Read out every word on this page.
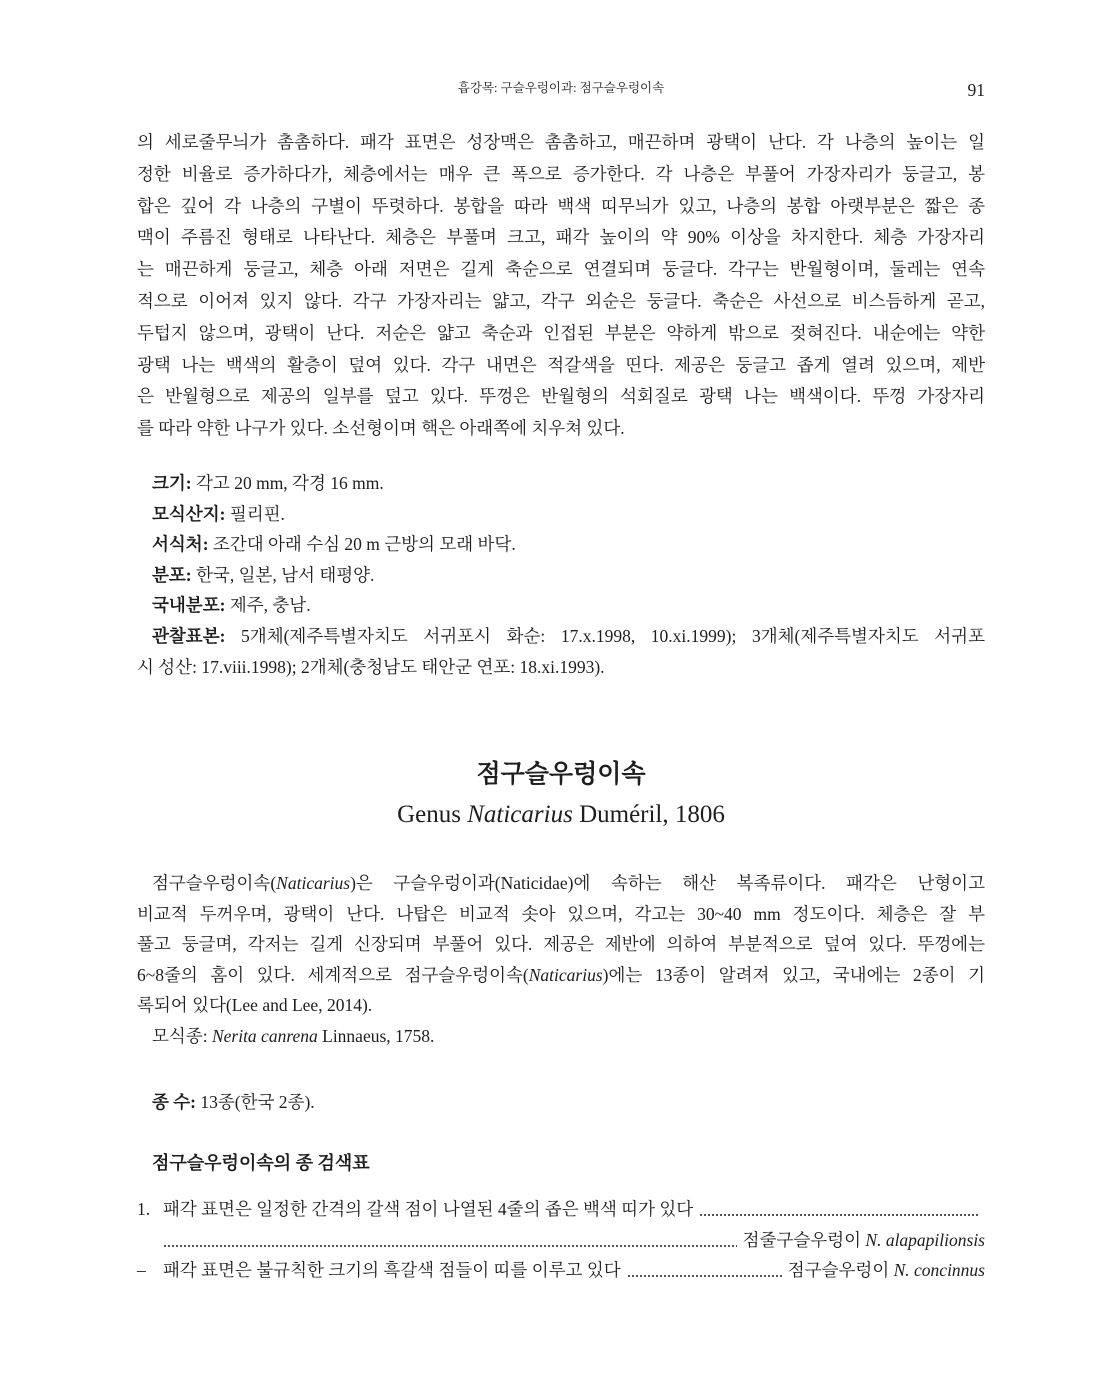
흡강목: 구슬우렁이과: 점구슬우렁이속	91
의 세로줄무늬가 촘촘하다. 패각 표면은 성장맥은 촘촘하고, 매끈하며 광택이 난다. 각 나층의 높이는 일
정한 비율로 증가하다가, 체층에서는 매우 큰 폭으로 증가한다. 각 나층은 부풀어 가장자리가 둥글고, 봉
합은 깊어 각 나층의 구별이 뚜렷하다. 봉합을 따라 백색 띠무늬가 있고, 나층의 봉합 아랫부분은 짧은 종
맥이 주름진 형태로 나타난다. 체층은 부풀며 크고, 패각 높이의 약 90% 이상을 차지한다. 체층 가장자리
는 매끈하게 둥글고, 체층 아래 저면은 길게 축순으로 연결되며 둥글다. 각구는 반월형이며, 둘레는 연속
적으로 이어져 있지 않다. 각구 가장자리는 얇고, 각구 외순은 둥글다. 축순은 사선으로 비스듬하게 곧고,
두텁지 않으며, 광택이 난다. 저순은 얇고 축순과 인접된 부분은 약하게 밖으로 젖혀진다. 내순에는 약한
광택 나는 백색의 활층이 덮여 있다. 각구 내면은 적갈색을 띤다. 제공은 둥글고 좁게 열려 있으며, 제반
은 반월형으로 제공의 일부를 덮고 있다. 뚜껑은 반월형의 석회질로 광택 나는 백색이다. 뚜껑 가장자리
를 따라 약한 나구가 있다. 소선형이며 핵은 아래쪽에 치우쳐 있다.
크기: 각고 20 mm, 각경 16 mm.
모식산지: 필리핀.
서식처: 조간대 아래 수심 20 m 근방의 모래 바닥.
분포: 한국, 일본, 남서 태평양.
국내분포: 제주, 충남.
관찰표본: 5개체(제주특별자치도 서귀포시 화순: 17.x.1998, 10.xi.1999); 3개체(제주특별자치도 서귀포
시 성산: 17.viii.1998); 2개체(충청남도 태안군 연포: 18.xi.1993).
점구슬우렁이속
Genus Naticarius Duméril, 1806
점구슬우렁이속(Naticarius)은 구슬우렁이과(Naticidae)에 속하는 해산 복족류이다. 패각은 난형이고
비교적 두꺼우며, 광택이 난다. 나탑은 비교적 솟아 있으며, 각고는 30~40 mm 정도이다. 체층은 잘 부
풀고 둥글며, 각저는 길게 신장되며 부풀어 있다. 제공은 제반에 의하여 부분적으로 덮여 있다. 뚜껑에는
6~8줄의 홈이 있다. 세계적으로 점구슬우렁이속(Naticarius)에는 13종이 알려져 있고, 국내에는 2종이 기
록되어 있다(Lee and Lee, 2014).
모식종: Nerita canrena Linnaeus, 1758.
종 수: 13종(한국 2종).
점구슬우렁이속의 종 검색표
1. 패각 표면은 일정한 간격의 갈색 점이 나열된 4줄의 좁은 백색 띠가 있다
점줄구슬우렁이 N. alapapilionsis
– 패각 표면은 불규칙한 크기의 흑갈색 점들이 띠를 이루고 있다	점구슬우렁이 N. concinnus
